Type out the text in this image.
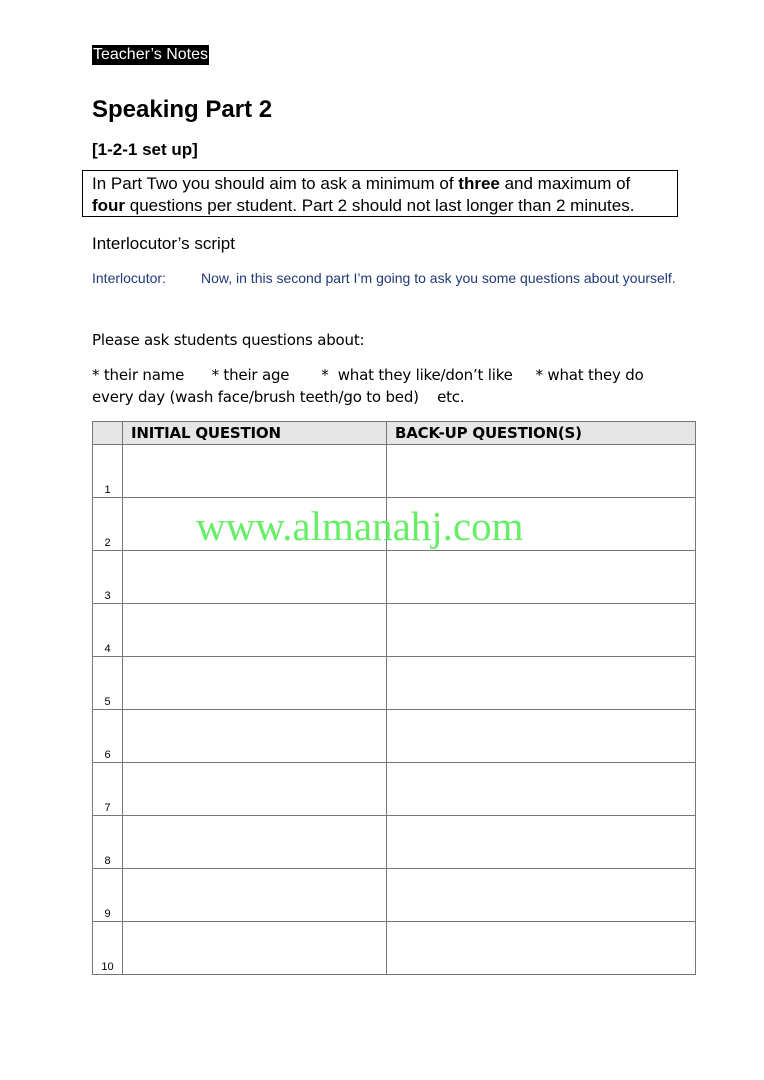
Teacher’s Notes
Speaking Part 2
[1-2-1 set up]
In Part Two you should aim to ask a minimum of three and maximum of four questions per student. Part 2 should not last longer than 2 minutes.
Interlocutor’s script
Interlocutor:	Now, in this second part I’m going to ask you some questions about yourself.
Please ask students questions about:
* their name * their age *  what they like/don’t like * what they do every day (wash face/brush teeth/go to bed) etc.
	INITIAL QUESTION	BACK-UP QUESTION(S)
1		
2		
3		
4		
5		
6		
7		
8		
9		
10		
www.almanahj.com
